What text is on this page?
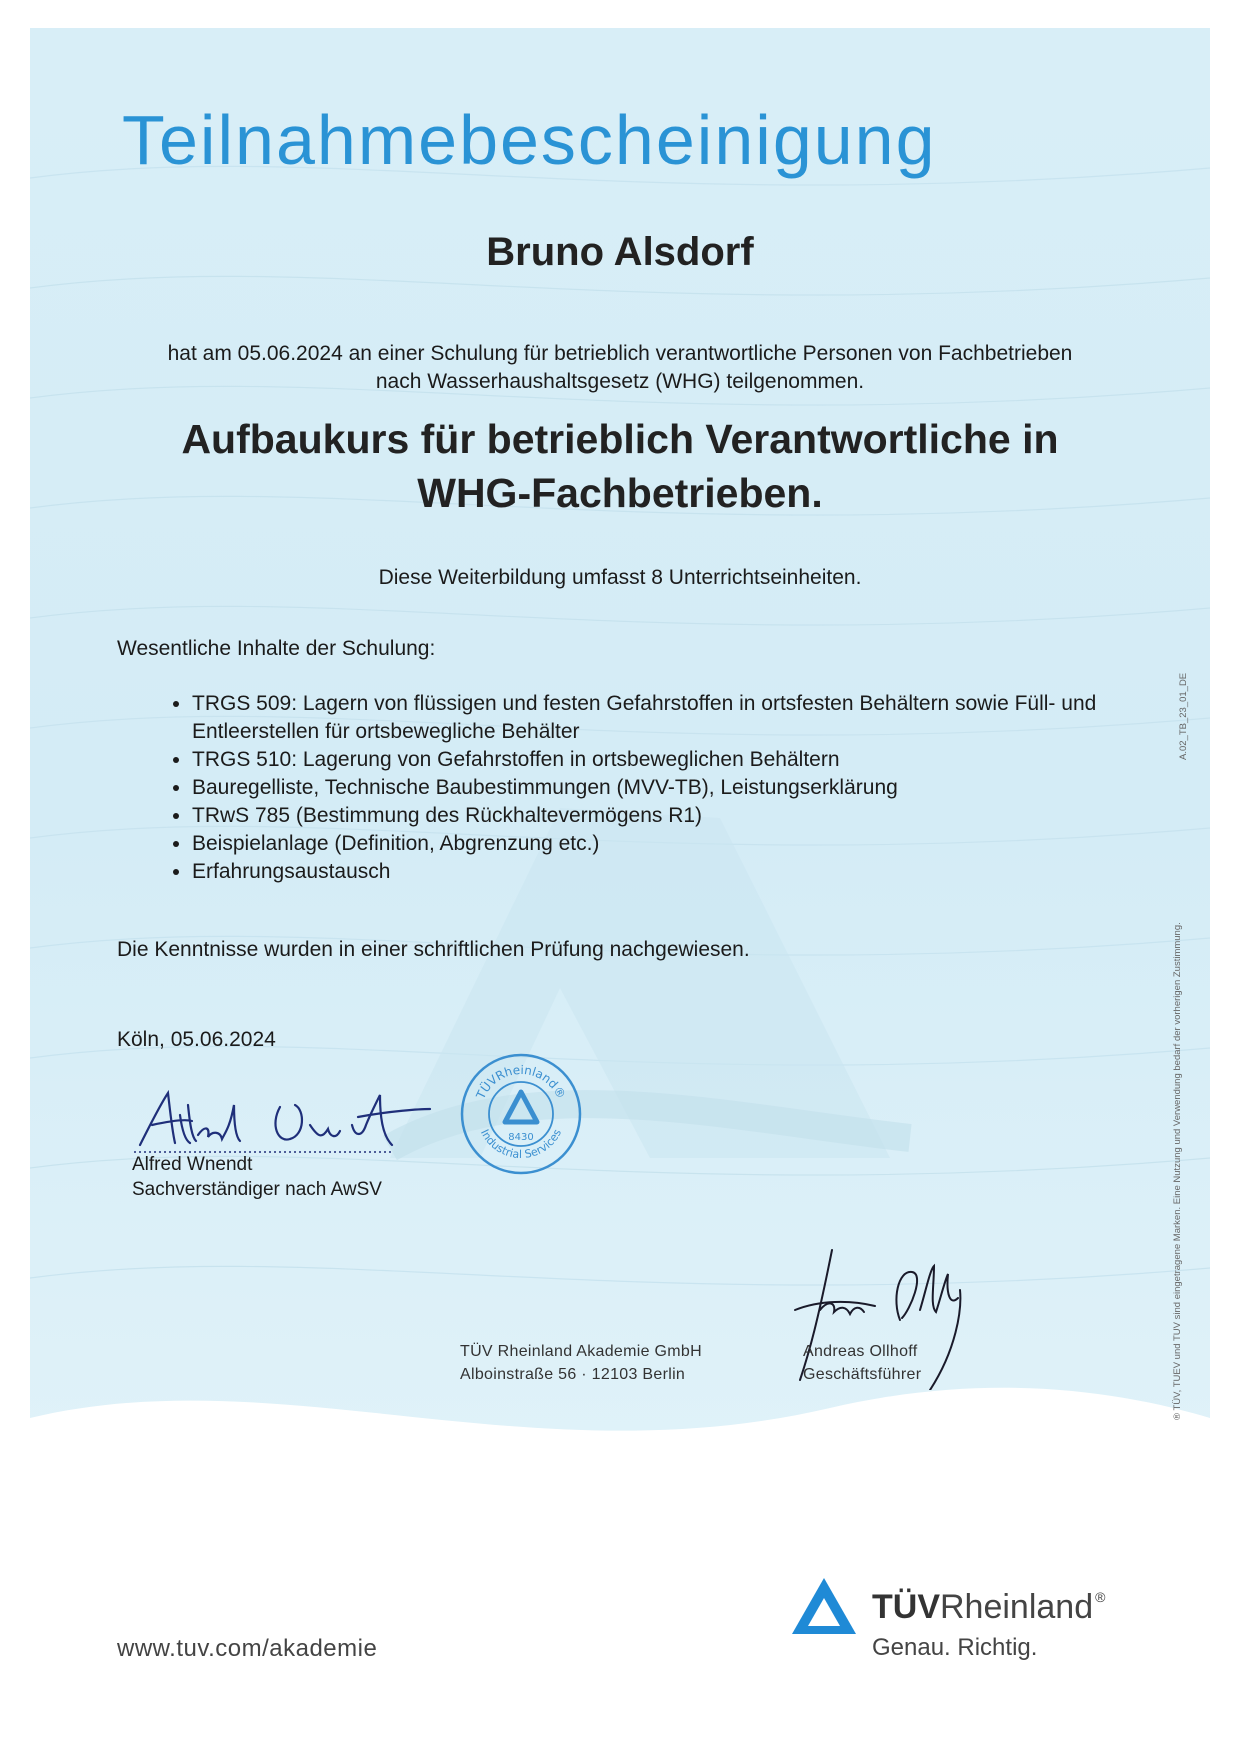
Teilnahmebescheinigung
Bruno Alsdorf
hat am 05.06.2024 an einer Schulung für betrieblich verantwortliche Personen von Fachbetrieben
nach Wasserhaushaltsgesetz (WHG) teilgenommen.
Aufbaukurs für betrieblich Verantwortliche in
WHG-Fachbetrieben.
Diese Weiterbildung umfasst 8 Unterrichtseinheiten.
Wesentliche Inhalte der Schulung:
• TRGS 509: Lagern von flüssigen und festen Gefahrstoffen in ortsfesten Behältern sowie Füll- und Entleerstellen für ortsbewegliche Behälter
• TRGS 510: Lagerung von Gefahrstoffen in ortsbeweglichen Behältern
• Bauregelliste, Technische Baubestimmungen (MVV-TB), Leistungserklärung
• TRwS 785 (Bestimmung des Rückhaltevermögens R1)
• Beispielanlage (Definition, Abgrenzung etc.)
• Erfahrungsaustausch
Die Kenntnisse wurden in einer schriftlichen Prüfung nachgewiesen.
Köln, 05.06.2024
Alfred Wnendt
Sachverständiger nach AwSV
TÜVRheinland®
Industrial Services
8430
TÜV Rheinland Akademie GmbH
Alboinstraße 56 · 12103 Berlin
Andreas Ollhoff
Geschäftsführer
A.02_TB_23_01_DE
® TÜV, TUEV und TUV sind eingetragene Marken. Eine Nutzung und Verwendung bedarf der vorherigen Zustimmung.
www.tuv.com/akademie
TÜVRheinland ®
Genau. Richtig.
